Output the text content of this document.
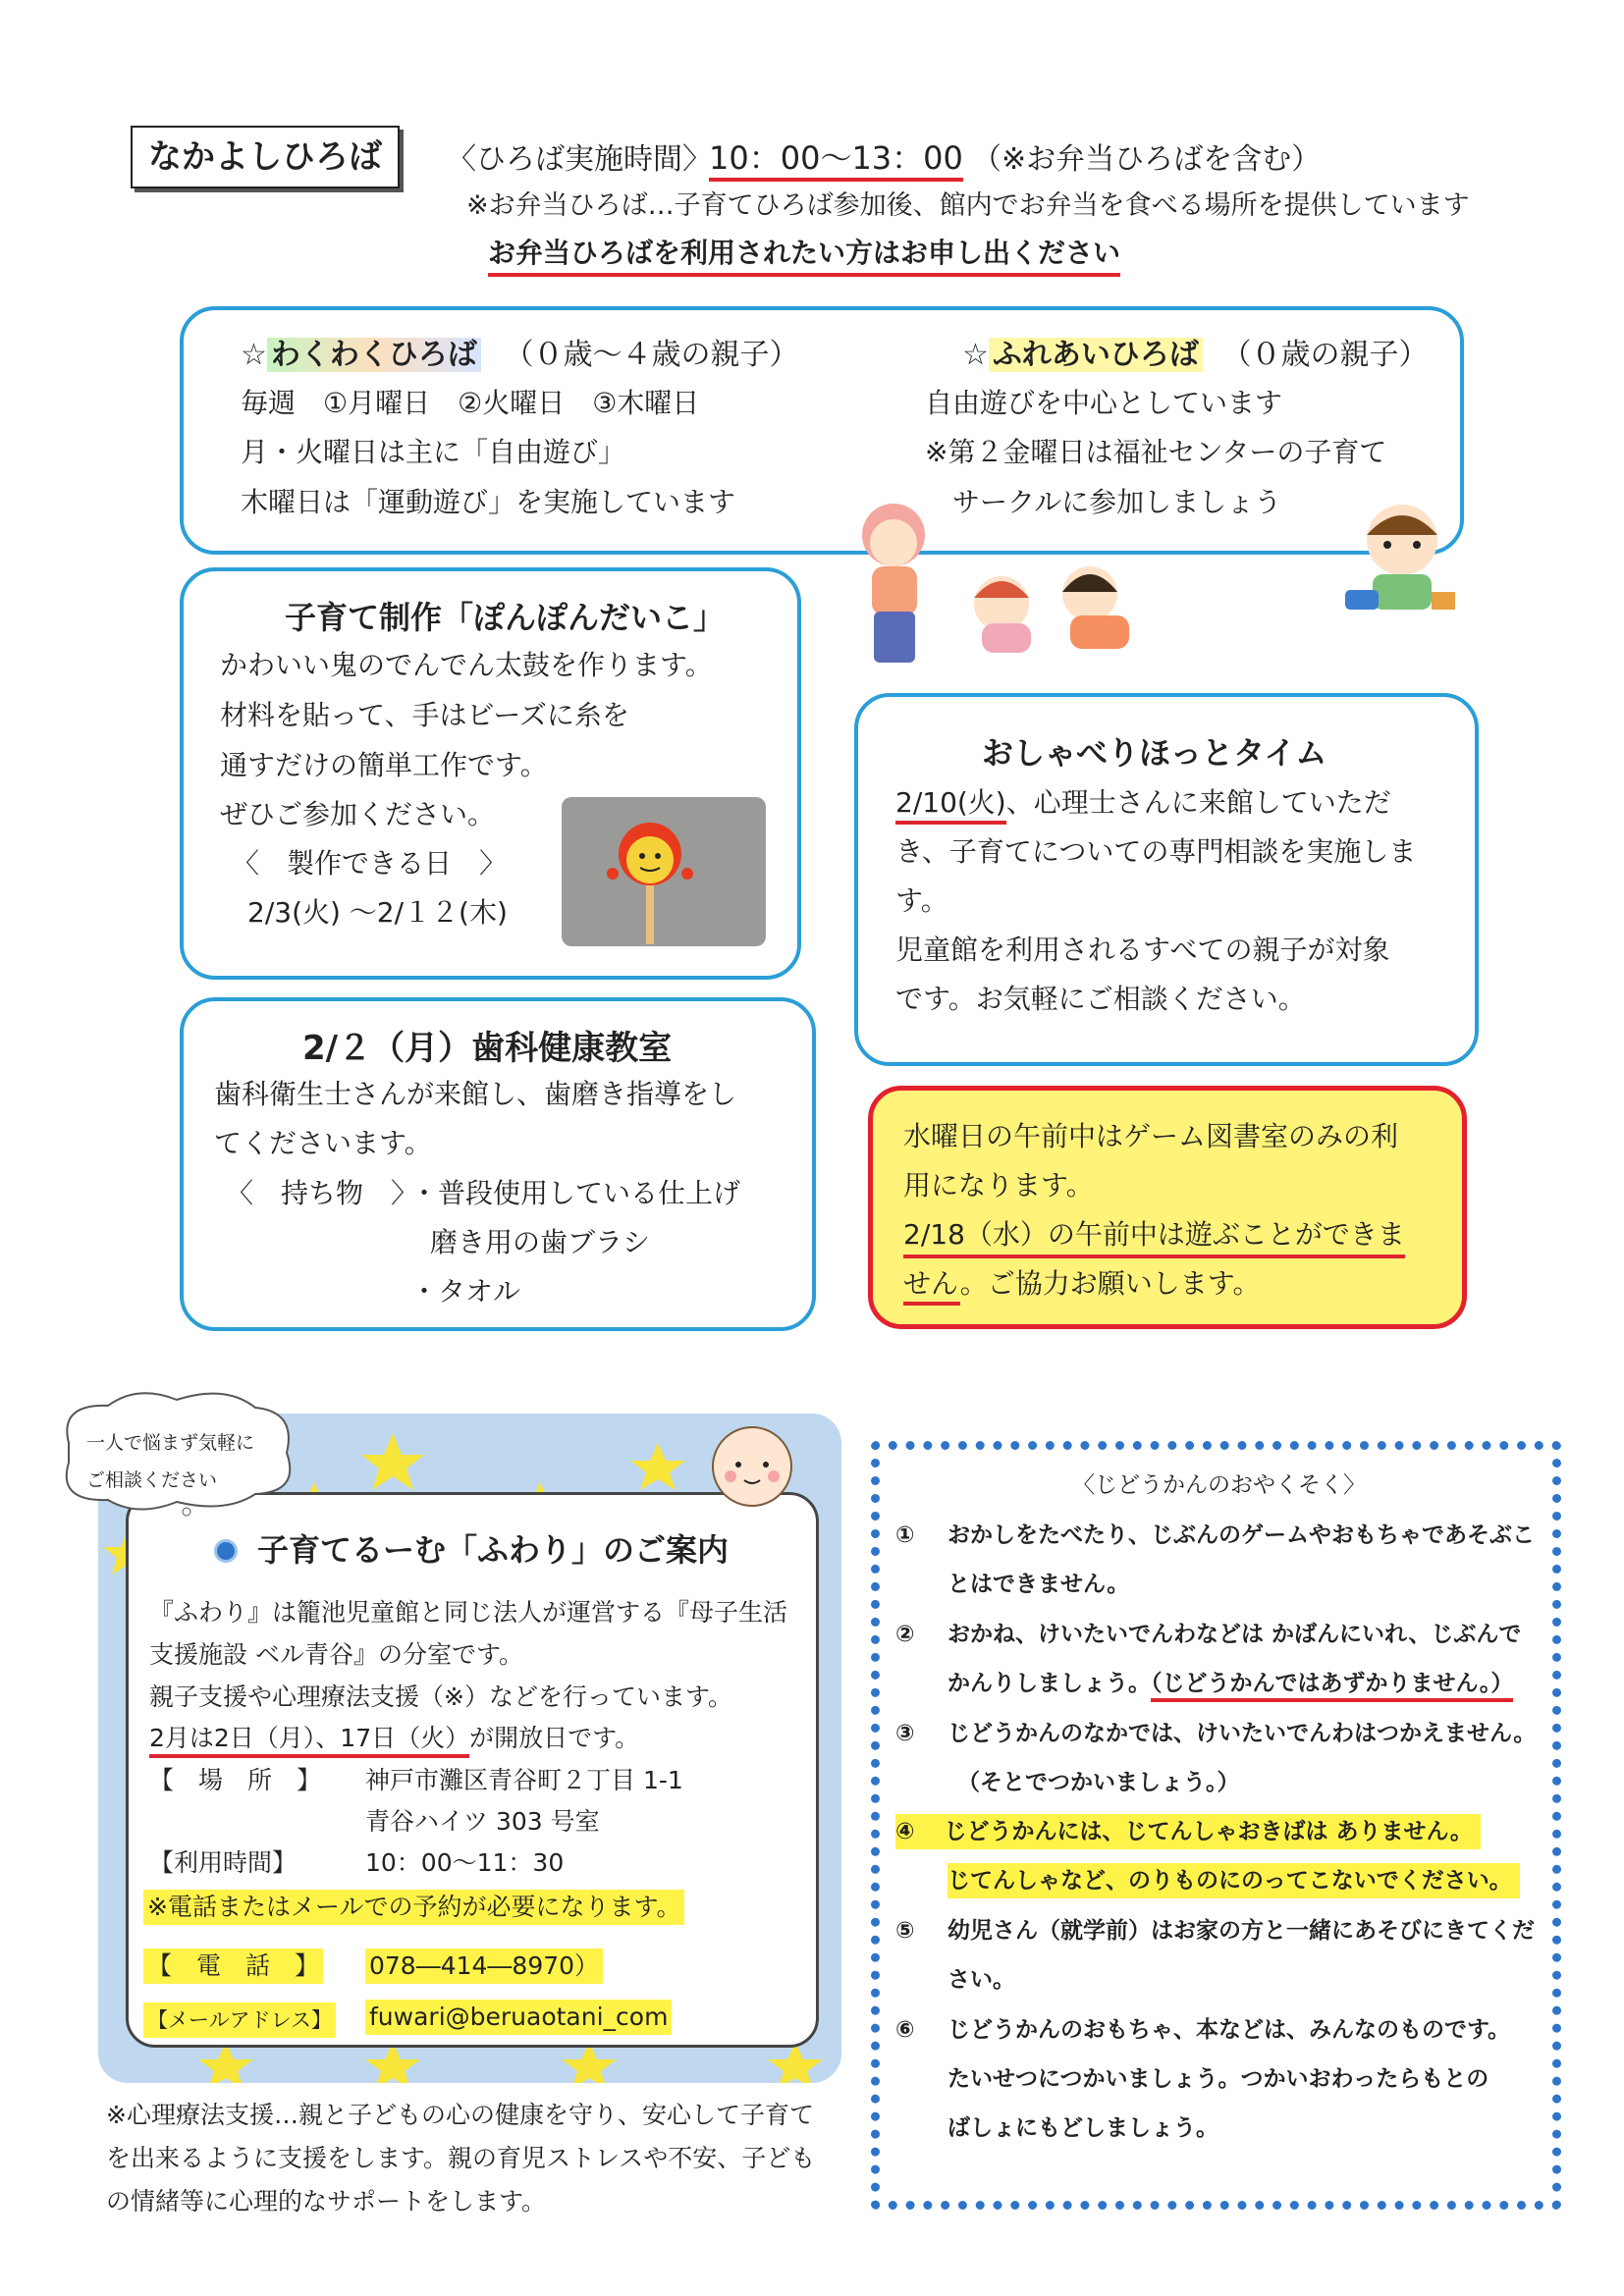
なかよしひろば	〈ひろば実施時間〉
10：00～13：00 （※お弁当ひろばを含む）
※お弁当ひろば…子育てひろば参加後、館内でお弁当を食べる場所を提供しています
お弁当ひろばを利用されたい方はお申し出ください
☆ わくわくひろば （０歳～４歳の親子）
毎週　①月曜日　②火曜日　③木曜日
月・火曜日は主に「自由遊び」
木曜日は「運動遊び」を実施しています
☆ ふれあいひろば （０歳の親子）
自由遊びを中心としています
※第２金曜日は福祉センターの子育て
サークルに参加しましょう
子育て制作「ぽんぽんだいこ」
かわいい鬼のでんでん太鼓を作ります。
材料を貼って、手はビーズに糸を
通すだけの簡単工作です。
ぜひご参加ください。
〈　製作できる日　〉
2/3(火) ～2/１２(木)
おしゃべりほっとタイム
2/10(火)、心理士さんに来館していただ
き、子育てについての専門相談を実施しま
す。
児童館を利用されるすべての親子が対象
です。お気軽にご相談ください。
2/２（月）歯科健康教室
歯科衛生士さんが来館し、歯磨き指導をし
てくださいます。
〈　持ち物　〉
・普段使用している仕上げ
磨き用の歯ブラシ
・タオル
水曜日の午前中はゲーム図書室のみの利
用になります。
2/18（水）の午前中は遊ぶことができま
せん。ご協力お願いします。
一人で悩まず気軽に
ご相談ください
子育てるーむ「ふわり」のご案内
『ふわり』は籠池児童館と同じ法人が運営する『母子生活
支援施設 ベル青谷』の分室です。
親子支援や心理療法支援（※）などを行っています。
2月は2日（月）、17日（火）が開放日です。
【　場　所　】 神戸市灘区青谷町２丁目 1-1
青谷ハイツ 303 号室
【利用時間】	10：00～11：30
※電話またはメールでの予約が必要になります。
【　電　話　】 078―414―8970）
【メールアドレス】 fuwari@beruaotani_com
※心理療法支援…親と子どもの心の健康を守り、安心して子育て
を出来るように支援をします。親の育児ストレスや不安、子ども
の情緒等に心理的なサポートをします。
〈じどうかんのおやくそく〉
① おかしをたべたり、じぶんのゲームやおもちゃであそぶこ
とはできません。
② おかね、けいたいでんわなどは かばんにいれ、じぶんで
かんりしましょう。（じどうかんではあずかりません。）
③ じどうかんのなかでは、けいたいでんわはつかえません。
（そとでつかいましょう。）
④ じどうかんには、じてんしゃおきばは ありません。
じてんしゃなど、のりものにのってこないでください。
⑤ 幼児さん（就学前）はお家の方と一緒にあそびにきてくだ
さい。
⑥ じどうかんのおもちゃ、本などは、みんなのものです。
たいせつにつかいましょう。つかいおわったらもとの
ばしょにもどしましょう。
